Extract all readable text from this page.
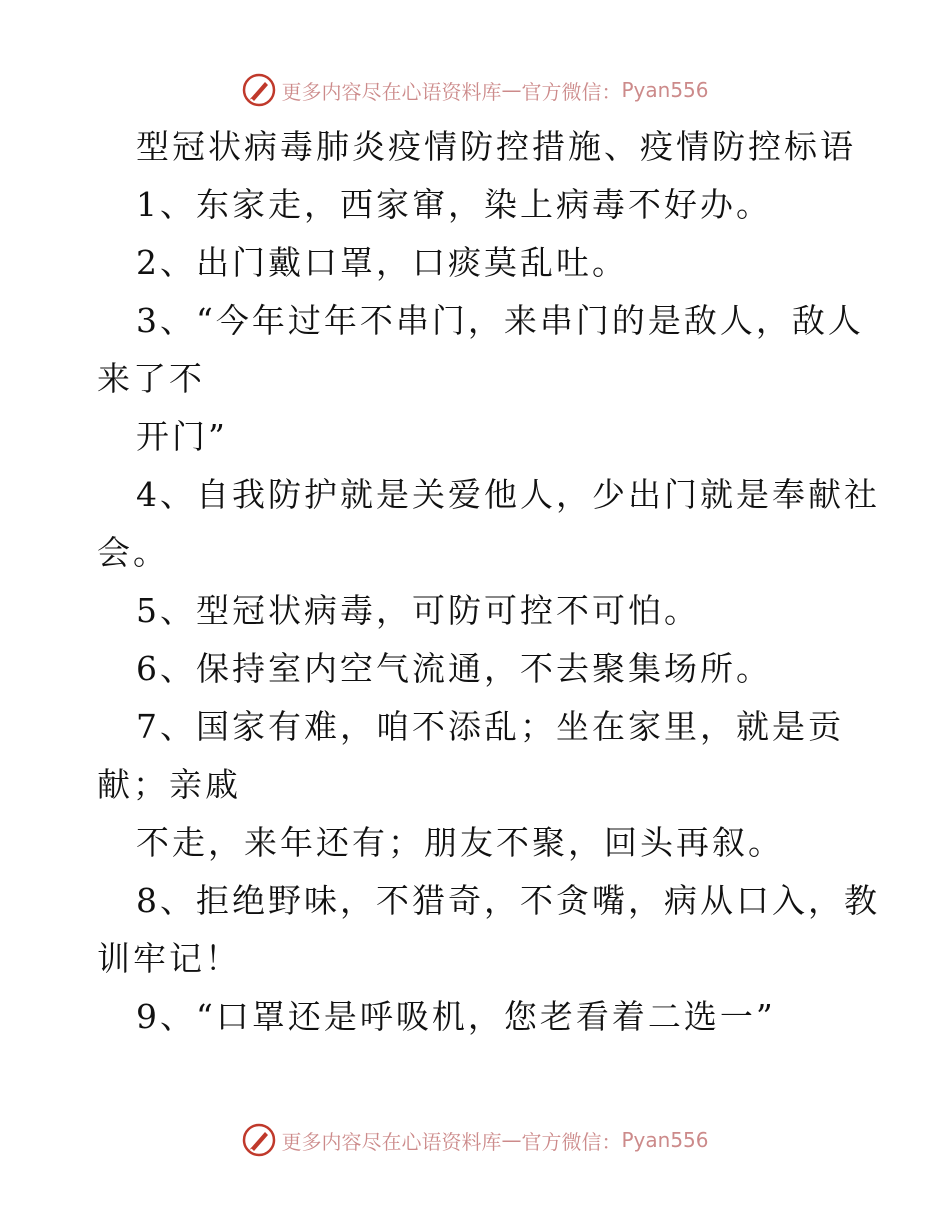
更多内容尽在心语资料库 — 官方微信： Pyan556
型冠状病毒肺炎疫情防控措施、疫情防控标语
1、东家走，西家窜，染上病毒不好办。
2、出门戴口罩，口痰莫乱吐。
3、“今年过年不串门，来串门的是敌人，敌人
来了不
开门”
4、自我防护就是关爱他人，少出门就是奉献社
会。
5、型冠状病毒，可防可控不可怕。
6、保持室内空气流通，不去聚集场所。
7、国家有难，咱不添乱；坐在家里，就是贡
献；亲戚
不走，来年还有；朋友不聚，回头再叙。
8、拒绝野味，不猎奇，不贪嘴，病从口入，教
训牢记！
9、“口罩还是呼吸机，您老看着二选一”
更多内容尽在心语资料库 — 官方微信： Pyan556
